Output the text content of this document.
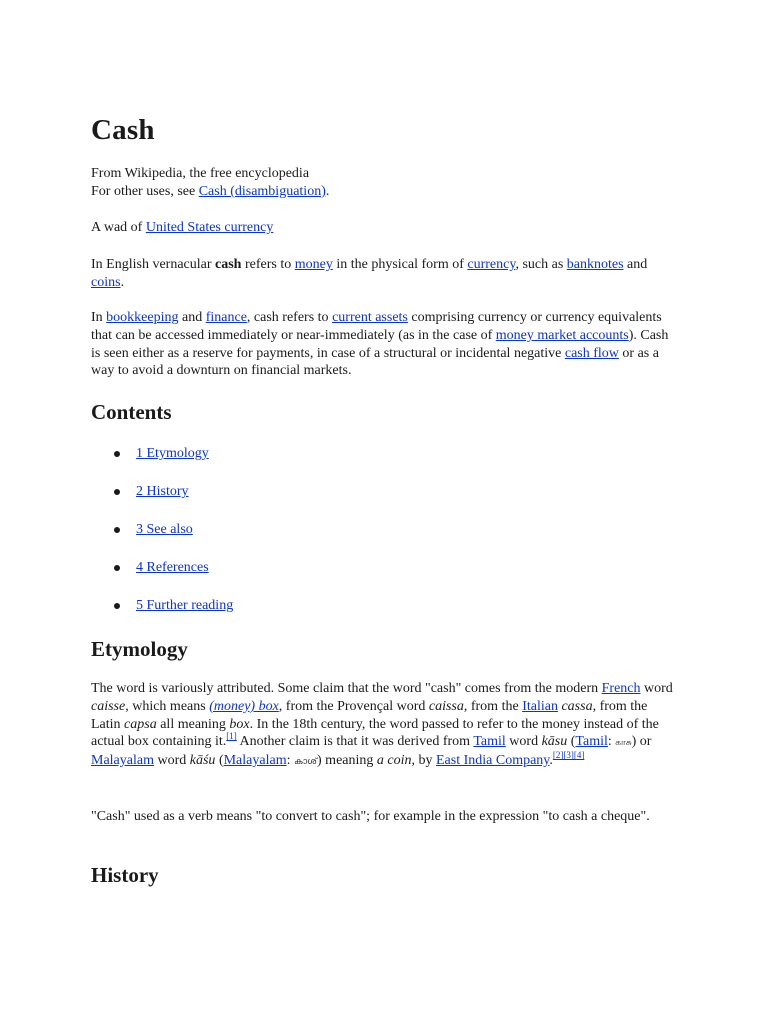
Cash

From Wikipedia, the free encyclopedia

For other uses, see Cash (disambiguation).

A wad of United States currency

In English vernacular cash refers to money in the physical form of currency, such as banknotes and coins.

In bookkeeping and finance, cash refers to current assets comprising currency or currency equivalents that can be accessed immediately or near-immediately (as in the case of money market accounts). Cash is seen either as a reserve for payments, in case of a structural or incidental negative cash flow or as a way to avoid a downturn on financial markets.

Contents
1 Etymology
2 History
3 See also
4 References
5 Further reading
Etymology

The word is variously attributed. Some claim that the word "cash" comes from the modern French word caisse, which means (money) box, from the Provençal word caissa, from the Italian cassa, from the Latin capsa all meaning box. In the 18th century, the word passed to refer to the money instead of the actual box containing it.[1] Another claim is that it was derived from Tamil word kāsu (Tamil: காசு) or Malayalam word kāśu (Malayalam: കാശ്) meaning a coin, by East India Company.[2][3][4]

"Cash" used as a verb means "to convert to cash"; for example in the expression "to cash a cheque".

History
